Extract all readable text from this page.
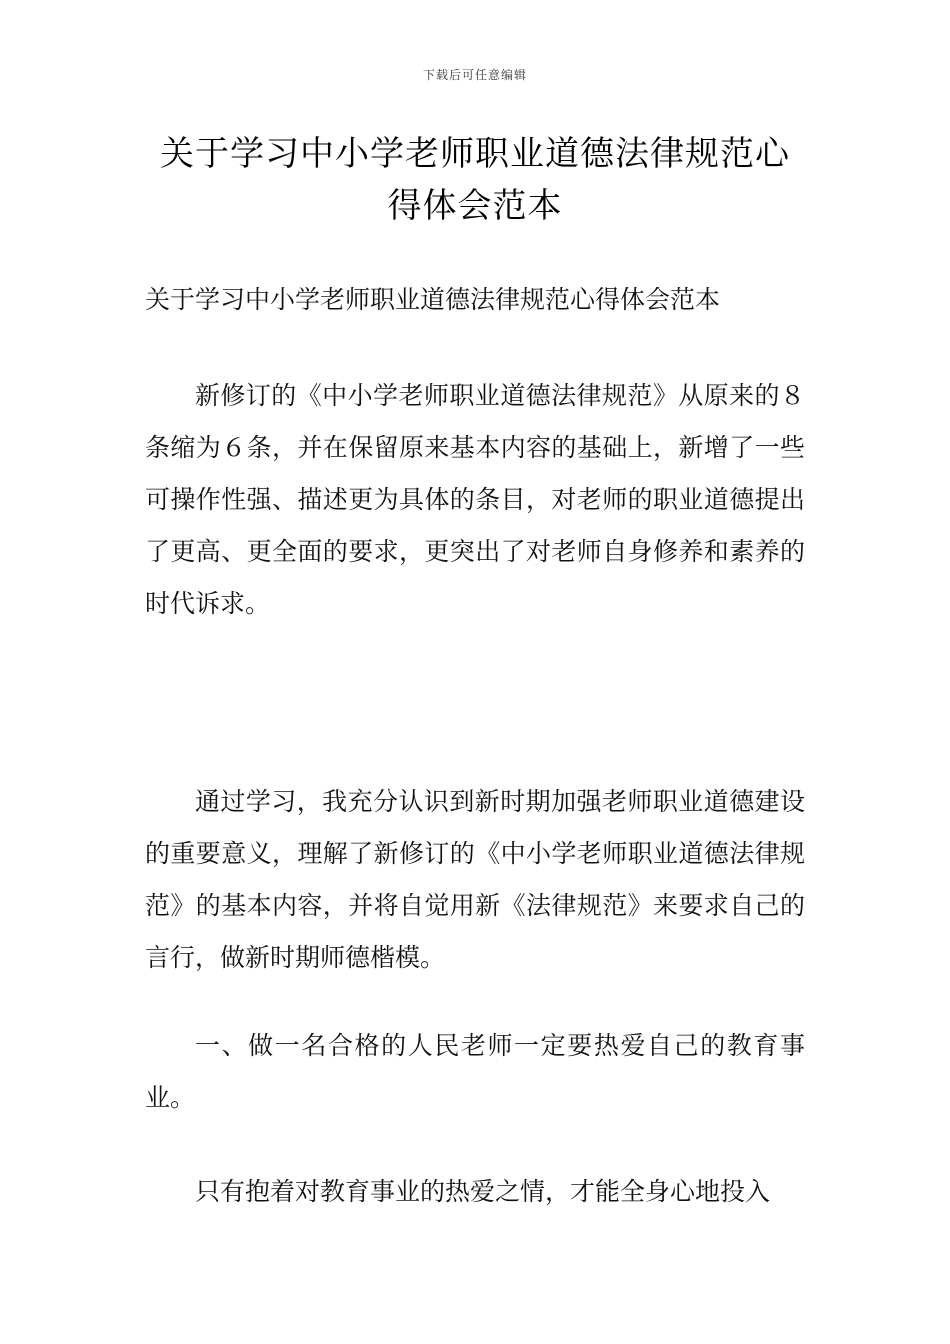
下载后可任意编辑
关于学习中小学老师职业道德法律规范心
得体会范本

关于学习中小学老师职业道德法律规范心得体会范本

新修订的《中小学老师职业道德法律规范》从原来的８条缩为６条，并在保留原来基本内容的基础上，新增了一些可操作性强、描述更为具体的条目，对老师的职业道德提出了更高、更全面的要求，更突出了对老师自身修养和素养的时代诉求。

通过学习，我充分认识到新时期加强老师职业道德建设的重要意义，理解了新修订的《中小学老师职业道德法律规范》的基本内容，并将自觉用新《法律规范》来要求自己的言行，做新时期师德楷模。

一、做一名合格的人民老师一定要热爱自己的教育事业。

只有抱着对教育事业的热爱之情，才能全身心地投入
